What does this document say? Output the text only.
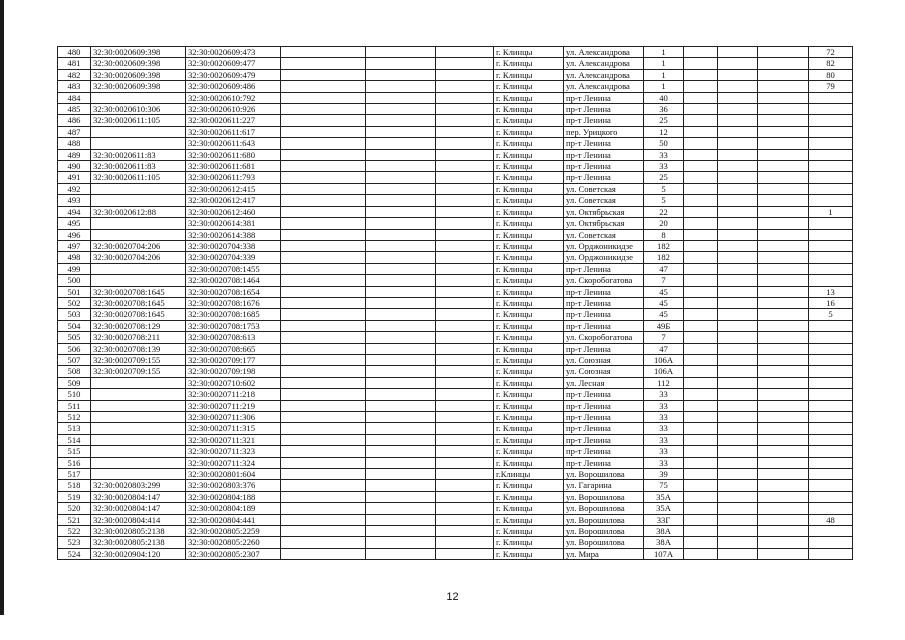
480	32:30:0020609:398	32:30:0020609:473				г. Клинцы	ул. Александрова	1				72
481	32:30:0020609:398	32:30:0020609:477				г. Клинцы	ул. Александрова	1				82
482	32:30:0020609:398	32:30:0020609:479				г. Клинцы	ул. Александрова	1				80
483	32:30:0020609:398	32:30:0020609:486				г. Клинцы	ул. Александрова	1				79
484		32:30:0020610:792				г. Клинцы	пр-т Ленина	40				
485	32:30:0020610:306	32:30:0020610:926				г. Клинцы	пр-т Ленина	36				
486	32:30:0020611:105	32:30:0020611:227				г. Клинцы	пр-т Ленина	25				
487		32:30:0020611:617				г. Клинцы	пер. Урицкого	12				
488		32:30:0020611:643				г. Клинцы	пр-т Ленина	50				
489	32:30:0020611:83	32:30:0020611:680				г. Клинцы	пр-т Ленина	33				
490	32:30:0020611:83	32:30:0020611:681				г. Клинцы	пр-т Ленина	33				
491	32:30:0020611:105	32:30:0020611:793				г. Клинцы	пр-т Ленина	25				
492		32:30:0020612:415				г. Клинцы	ул. Советская	5				
493		32:30:0020612:417				г. Клинцы	ул. Советская	5				
494	32:30:0020612:88	32:30:0020612:460				г. Клинцы	ул. Октябрьская	22				1
495		32:30:0020614:381				г. Клинцы	ул. Октябрьская	20				
496		32:30:0020614:388				г. Клинцы	ул. Советская	8				
497	32:30:0020704:206	32:30:0020704:338				г. Клинцы	ул. Орджоникидзе	182				
498	32:30:0020704:206	32:30:0020704:339				г. Клинцы	ул. Орджоникидзе	182				
499		32:30:0020708:1455				г. Клинцы	пр-т Ленина	47				
500		32:30:0020708:1464				г. Клинцы	ул. Скоробогатова	7				
501	32:30:0020708:1645	32:30:0020708:1654				г. Клинцы	пр-т Ленина	45				13
502	32:30:0020708:1645	32:30:0020708:1676				г. Клинцы	пр-т Ленина	45				16
503	32:30:0020708:1645	32:30:0020708:1685				г. Клинцы	пр-т Ленина	45				5
504	32:30:0020708:129	32:30:0020708:1753				г. Клинцы	пр-т Ленина	49Б				
505	32:30:0020708:211	32:30:0020708:613				г. Клинцы	ул. Скоробогатова	7				
506	32:30:0020708:139	32:30:0020708:665				г. Клинцы	пр-т Ленина	47				
507	32:30:0020709:155	32:30:0020709:177				г. Клинцы	ул. Союзная	106А				
508	32:30:0020709:155	32:30:0020709:198				г. Клинцы	ул. Союзная	106А				
509		32:30:0020710:602				г. Клинцы	ул. Лесная	112				
510		32:30:0020711:218				г. Клинцы	пр-т Ленина	33				
511		32:30:0020711:219				г. Клинцы	пр-т Ленина	33				
512		32:30:0020711:306				г. Клинцы	пр-т Ленина	33				
513		32:30:0020711:315				г. Клинцы	пр-т Ленина	33				
514		32:30:0020711:321				г. Клинцы	пр-т Ленина	33				
515		32:30:0020711:323				г. Клинцы	пр-т Ленина	33				
516		32:30:0020711:324				г. Клинцы	пр-т Ленина	33				
517		32:30:0020801:604				г.Клинцы	ул. Ворошилова	39				
518	32:30:0020803:299	32:30:0020803:376				г. Клинцы	ул. Гагарина	75				
519	32:30:0020804:147	32:30:0020804:188				г. Клинцы	ул. Ворошилова	35А				
520	32:30:0020804:147	32:30:0020804:189				г. Клинцы	ул. Ворошилова	35А				
521	32:30:0020804:414	32:30:0020804:441				г. Клинцы	ул. Ворошилова	33Г				48
522	32:30:0020805:2138	32:30:0020805:2259				г. Клинцы	ул. Ворошилова	38А				
523	32:30:0020805:2138	32:30:0020805:2260				г. Клинцы	ул. Ворошилова	38А				
524	32:30:0020904:120	32:30:0020805:2307				г. Клинцы	ул. Мира	107А				
12
